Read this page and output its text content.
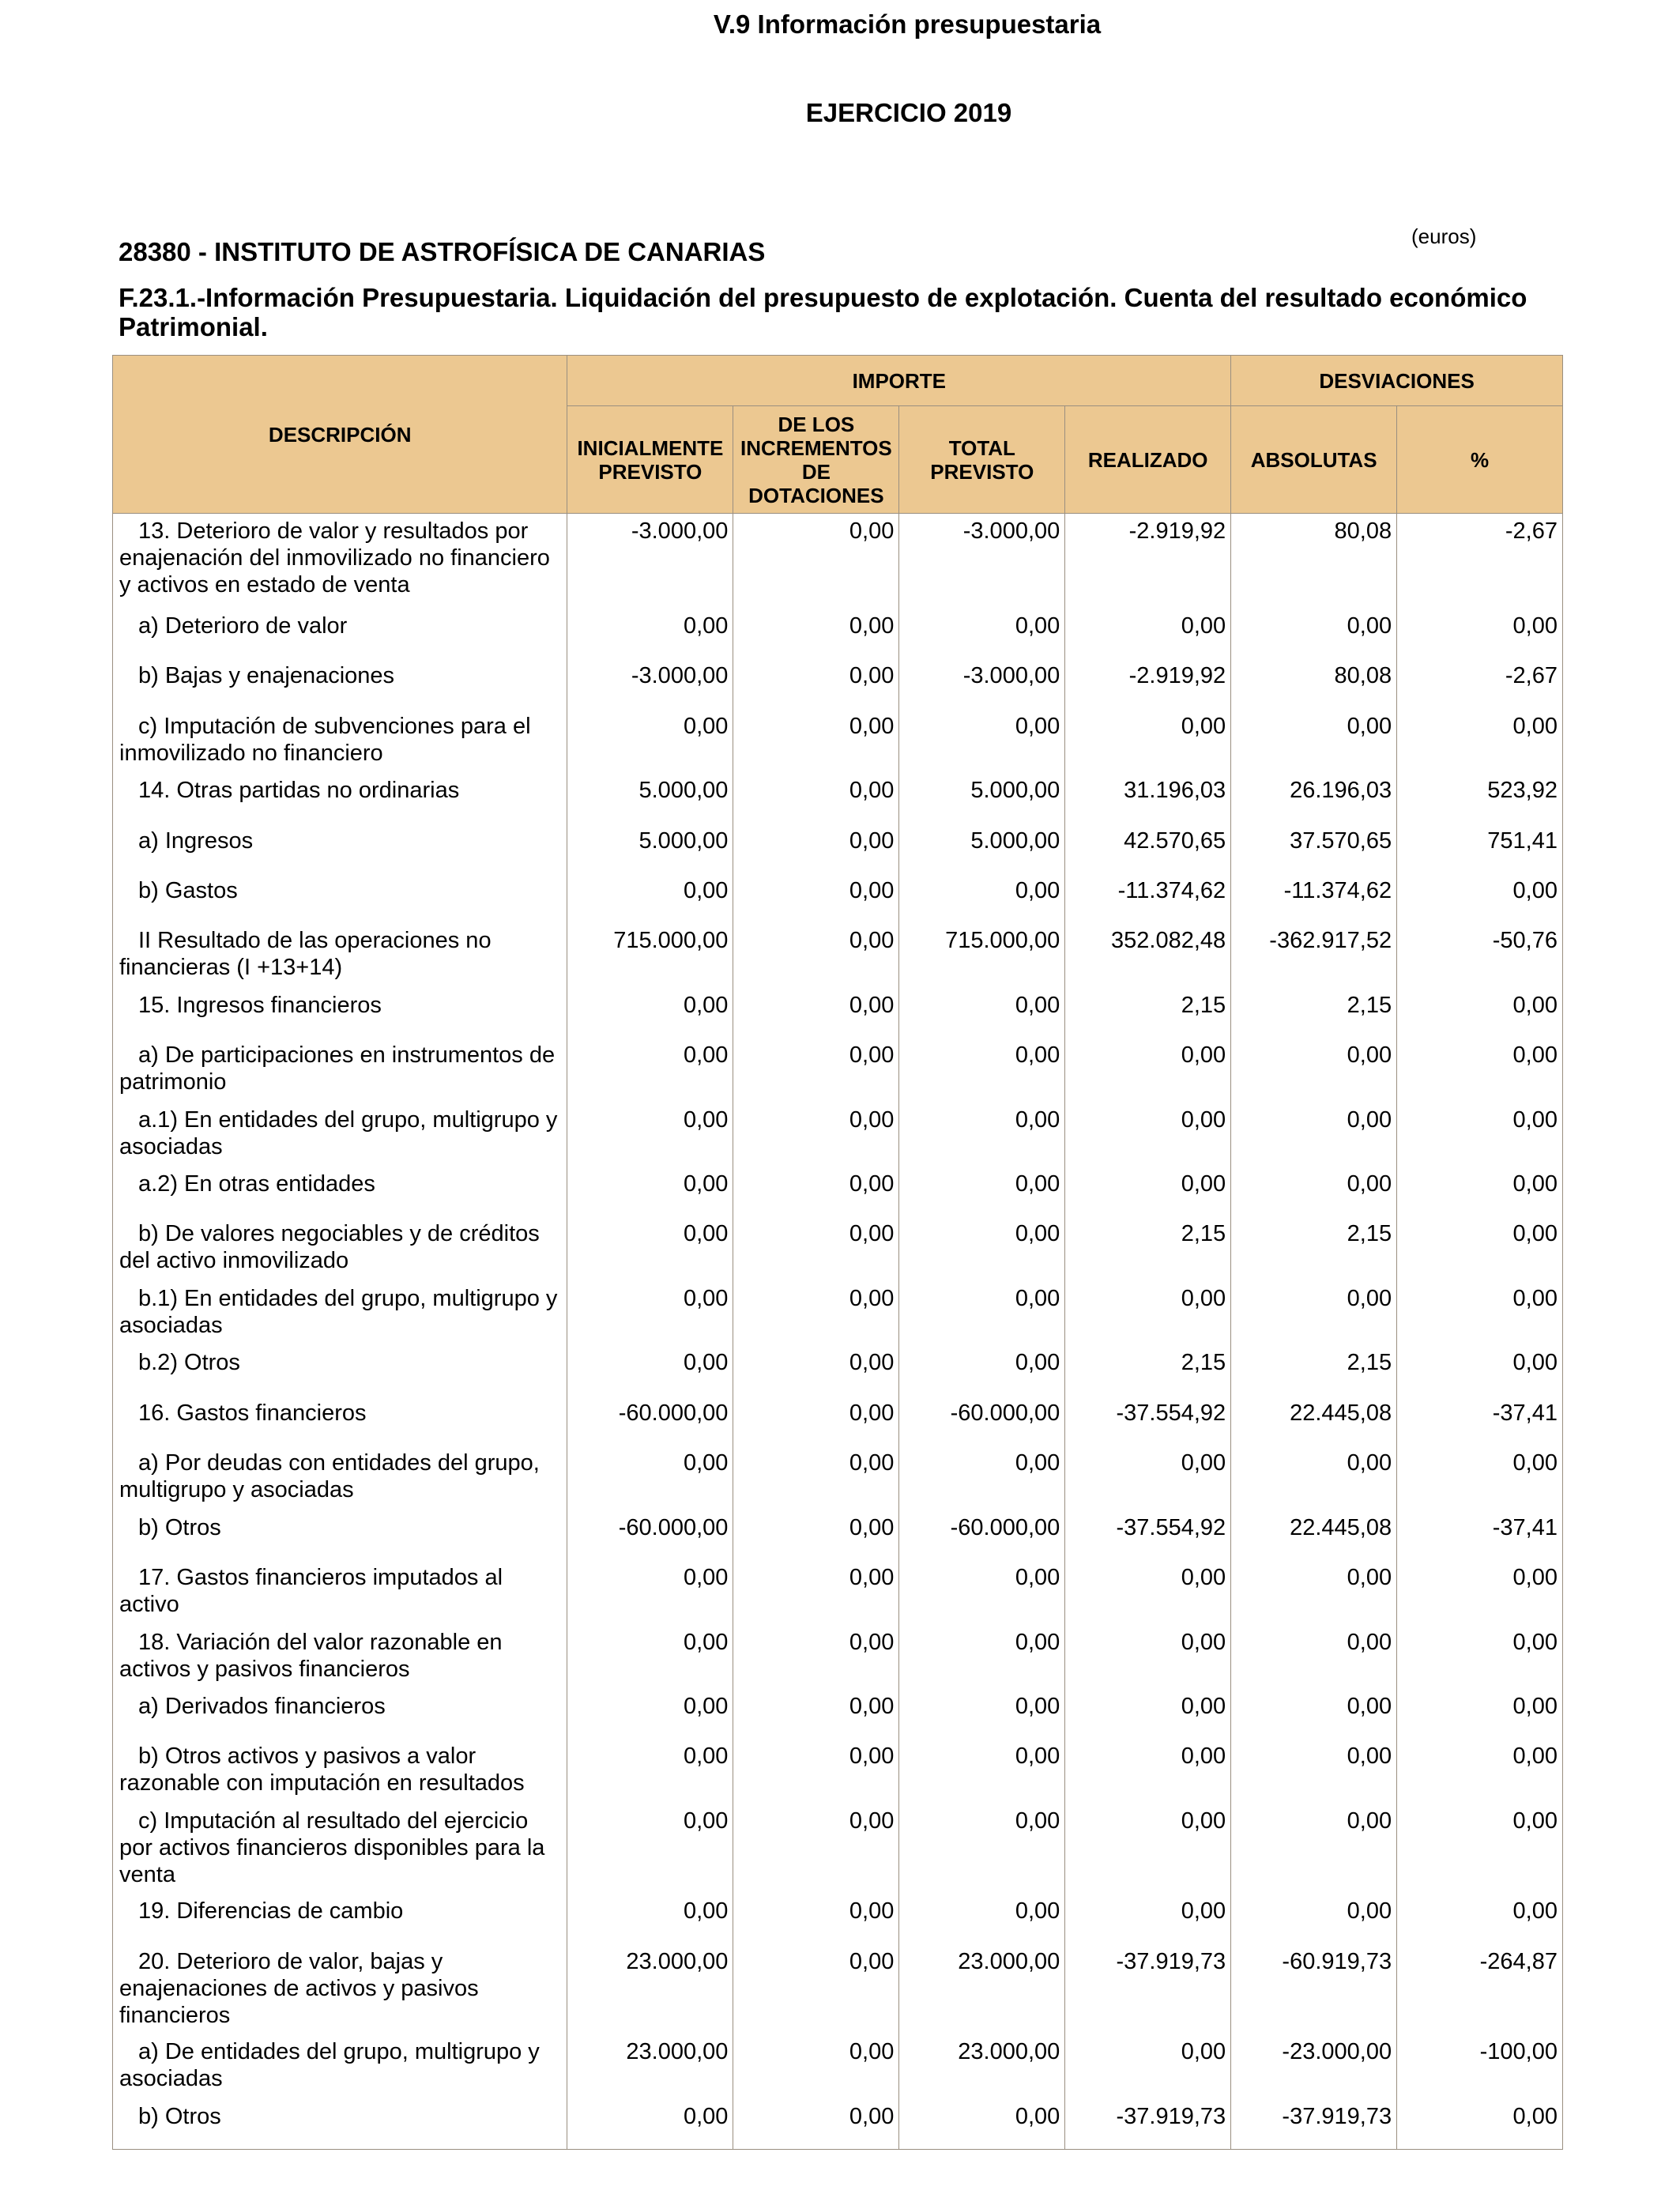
V.9 Información presupuestaria
EJERCICIO 2019
(euros)
28380 - INSTITUTO DE ASTROFÍSICA DE CANARIAS
F.23.1.-Información Presupuestaria. Liquidación del presupuesto de explotación. Cuenta del resultado económico Patrimonial.
DESCRIPCIÓN	IMPORTE				DESVIACIONES	
	INICIALMENTE PREVISTO	DE LOS INCREMENTOS DE DOTACIONES	TOTAL PREVISTO	REALIZADO	ABSOLUTAS	%
13. Deterioro de valor y resultados por enajenación del inmovilizado no financiero y activos en estado de venta	-3.000,00	0,00	-3.000,00	-2.919,92	80,08	-2,67
a) Deterioro de valor	0,00	0,00	0,00	0,00	0,00	0,00
b) Bajas y enajenaciones	-3.000,00	0,00	-3.000,00	-2.919,92	80,08	-2,67
c) Imputación de subvenciones para el inmovilizado no financiero	0,00	0,00	0,00	0,00	0,00	0,00
14. Otras partidas no ordinarias	5.000,00	0,00	5.000,00	31.196,03	26.196,03	523,92
a) Ingresos	5.000,00	0,00	5.000,00	42.570,65	37.570,65	751,41
b) Gastos	0,00	0,00	0,00	-11.374,62	-11.374,62	0,00
II Resultado de las operaciones no financieras (I +13+14)	715.000,00	0,00	715.000,00	352.082,48	-362.917,52	-50,76
15. Ingresos financieros	0,00	0,00	0,00	2,15	2,15	0,00
a) De participaciones en instrumentos de patrimonio	0,00	0,00	0,00	0,00	0,00	0,00
a.1) En entidades del grupo, multigrupo y asociadas	0,00	0,00	0,00	0,00	0,00	0,00
a.2) En otras entidades	0,00	0,00	0,00	0,00	0,00	0,00
b) De valores negociables y de créditos del activo inmovilizado	0,00	0,00	0,00	2,15	2,15	0,00
b.1) En entidades del grupo, multigrupo y asociadas	0,00	0,00	0,00	0,00	0,00	0,00
b.2) Otros	0,00	0,00	0,00	2,15	2,15	0,00
16. Gastos financieros	-60.000,00	0,00	-60.000,00	-37.554,92	22.445,08	-37,41
a) Por deudas con entidades del grupo, multigrupo y asociadas	0,00	0,00	0,00	0,00	0,00	0,00
b) Otros	-60.000,00	0,00	-60.000,00	-37.554,92	22.445,08	-37,41
17. Gastos financieros imputados al activo	0,00	0,00	0,00	0,00	0,00	0,00
18. Variación del valor razonable en activos y pasivos financieros	0,00	0,00	0,00	0,00	0,00	0,00
a) Derivados financieros	0,00	0,00	0,00	0,00	0,00	0,00
b) Otros activos y pasivos a valor razonable con imputación en resultados	0,00	0,00	0,00	0,00	0,00	0,00
c) Imputación al resultado del ejercicio por activos financieros disponibles para la venta	0,00	0,00	0,00	0,00	0,00	0,00
19. Diferencias de cambio	0,00	0,00	0,00	0,00	0,00	0,00
20. Deterioro de valor, bajas y enajenaciones de activos y pasivos financieros	23.000,00	0,00	23.000,00	-37.919,73	-60.919,73	-264,87
a) De entidades del grupo, multigrupo y asociadas	23.000,00	0,00	23.000,00	0,00	-23.000,00	-100,00
b) Otros	0,00	0,00	0,00	-37.919,73	-37.919,73	0,00
